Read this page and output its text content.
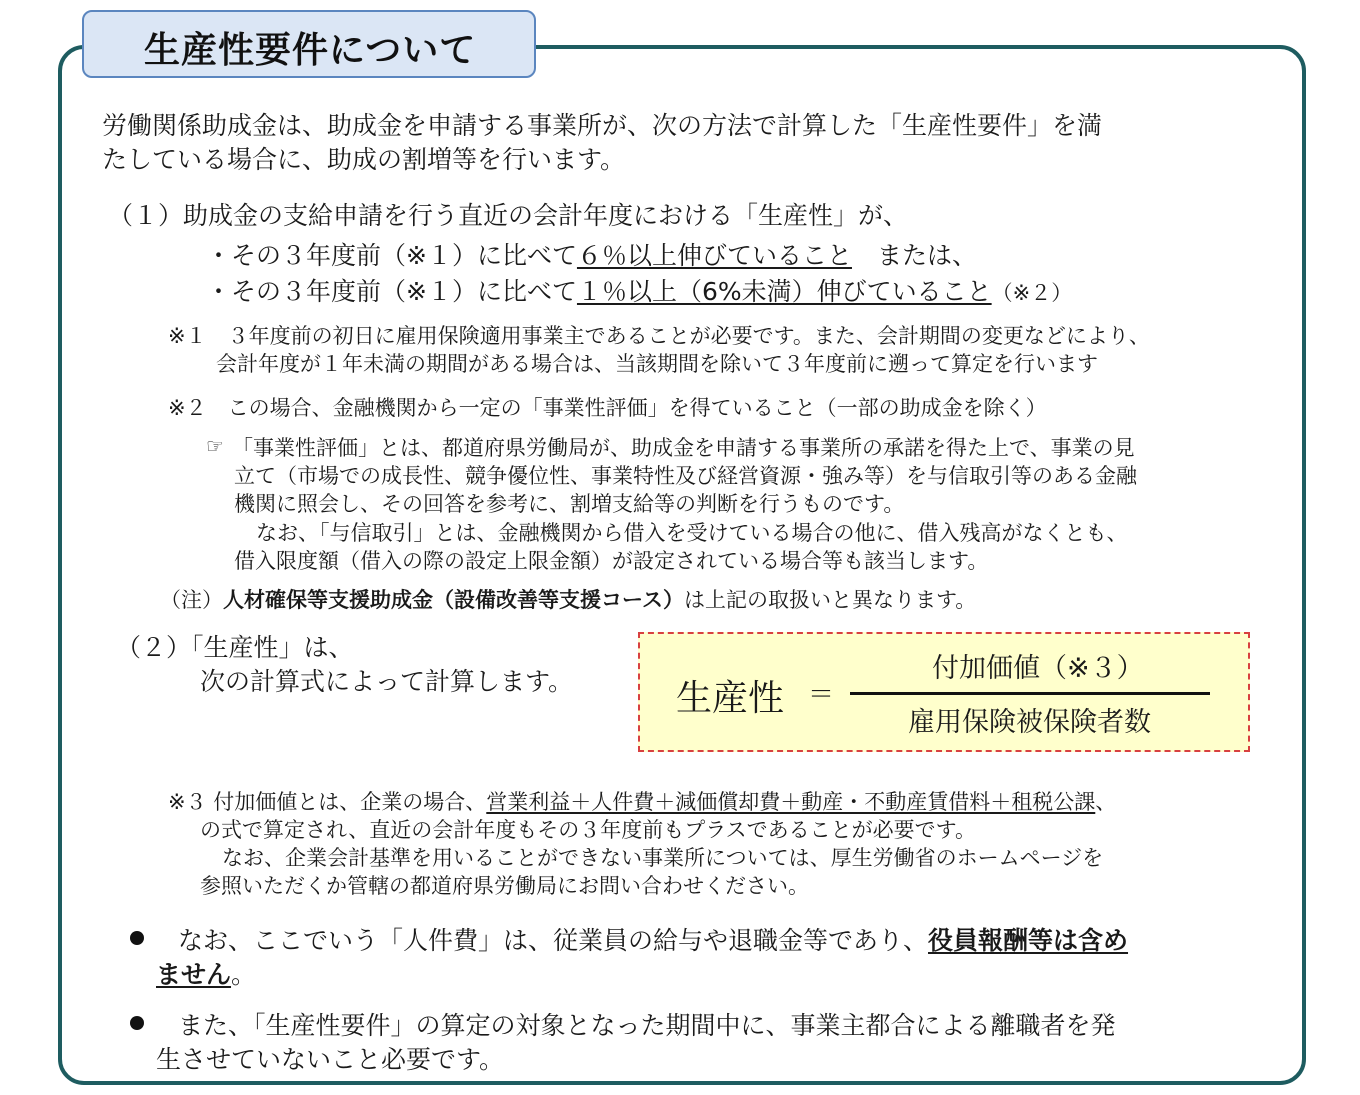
生産性要件について
労働関係助成金は、助成金を申請する事業所が、次の方法で計算した「生産性要件」を満
たしている場合に、助成の割増等を行います。
（１）助成金の支給申請を行う直近の会計年度における「生産性」が、
・その３年度前（※１）に比べて６％以上伸びていること　または、
・その３年度前（※１）に比べて１％以上（6%未満）伸びていること（※２）
※１　３年度前の初日に雇用保険適用事業主であることが必要です。また、会計期間の変更などにより、
会計年度が１年未満の期間がある場合は、当該期間を除いて３年度前に遡って算定を行います
※２　この場合、金融機関から一定の「事業性評価」を得ていること（一部の助成金を除く）
☞ 「事業性評価」とは、都道府県労働局が、助成金を申請する事業所の承諾を得た上で、事業の見
立て（市場での成長性、競争優位性、事業特性及び経営資源・強み等）を与信取引等のある金融
機関に照会し、その回答を参考に、割増支給等の判断を行うものです。
なお、「与信取引」とは、金融機関から借入を受けている場合の他に、借入残高がなくとも、
借入限度額（借入の際の設定上限金額）が設定されている場合等も該当します。
（注）人材確保等支援助成金（設備改善等支援コース）は上記の取扱いと異なります。
（２）「生産性」は、
次の計算式によって計算します。	生産性 ＝
付加価値（※３）
雇用保険被保険者数
※３ 付加価値とは、企業の場合、営業利益＋人件費＋減価償却費＋動産・不動産賃借料＋租税公課、
の式で算定され、直近の会計年度もその３年度前もプラスであることが必要です。
なお、企業会計基準を用いることができない事業所については、厚生労働省のホームページを
参照いただくか管轄の都道府県労働局にお問い合わせください。
なお、ここでいう「人件費」は、従業員の給与や退職金等であり、役員報酬等は含め
ません。
また、「生産性要件」の算定の対象となった期間中に、事業主都合による離職者を発
生させていないこと必要です。
